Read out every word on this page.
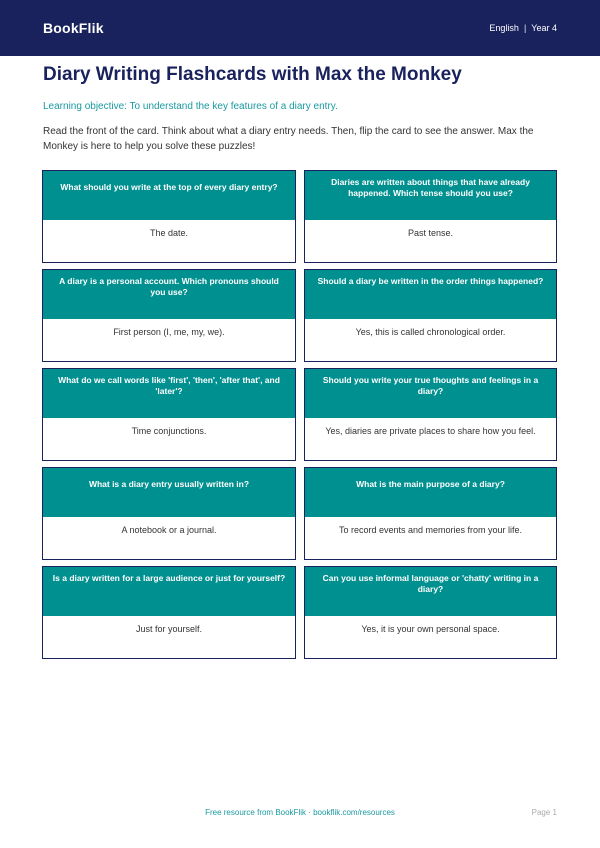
BookFlik	English | Year 4
Diary Writing Flashcards with Max the Monkey

Learning objective: To understand the key features of a diary entry.

Read the front of the card. Think about what a diary entry needs. Then, flip the card to see the answer. Max the Monkey is here to help you solve these puzzles!

What should you write at the top of every diary entry?
The date.
Diaries are written about things that have already happened. Which tense should you use?
Past tense.
A diary is a personal account. Which pronouns should you use?
First person (I, me, my, we).
Should a diary be written in the order things happened?
Yes, this is called chronological order.
What do we call words like 'first', 'then', 'after that', and 'later'?
Time conjunctions.
Should you write your true thoughts and feelings in a diary?
Yes, diaries are private places to share how you feel.
What is a diary entry usually written in?
A notebook or a journal.
What is the main purpose of a diary?
To record events and memories from your life.
Is a diary written for a large audience or just for yourself?
Just for yourself.
Can you use informal language or 'chatty' writing in a diary?
Yes, it is your own personal space.
Free resource from BookFlik · bookflik.com/resources	Page 1
